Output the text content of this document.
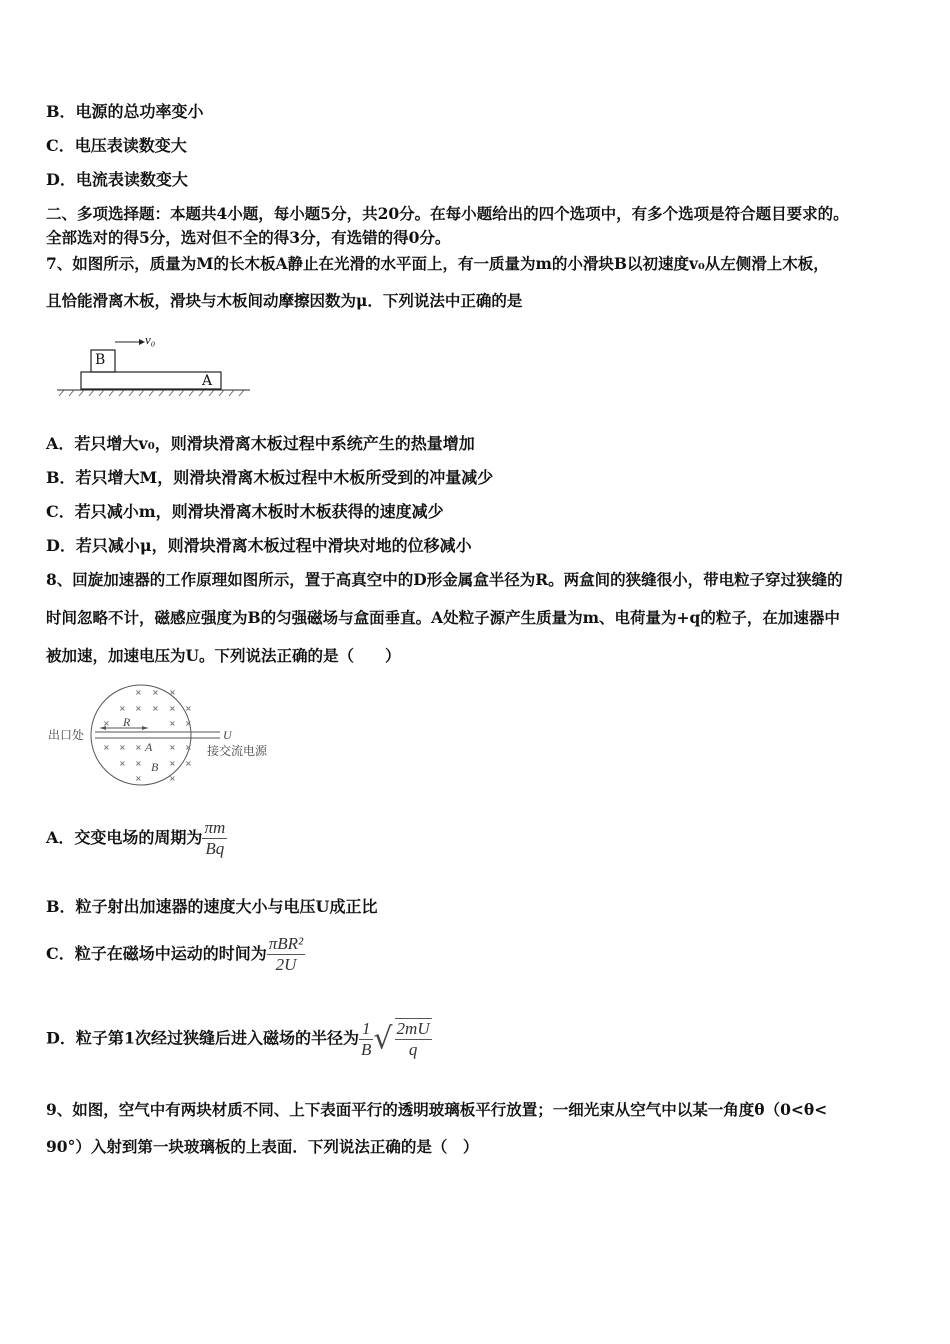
B．电源的总功率变小
C．电压表读数变大
D．电流表读数变大
二、多项选择题：本题共4小题，每小题5分，共20分。在每小题给出的四个选项中，有多个选项是符合题目要求的。
全部选对的得5分，选对但不全的得3分，有选错的得0分。
7、如图所示，质量为M的长木板A静止在光滑的水平面上，有一质量为m的小滑块B以初速度v₀从左侧滑上木板，
且恰能滑离木板，滑块与木板间动摩擦因数为μ．下列说法中正确的是
B
A
v₀
A．若只增大v₀，则滑块滑离木板过程中系统产生的热量增加
B．若只增大M，则滑块滑离木板过程中木板所受到的冲量减少
C．若只减小m，则滑块滑离木板时木板获得的速度减少
D．若只减小μ，则滑块滑离木板过程中滑块对地的位移减小
8、回旋加速器的工作原理如图所示，置于高真空中的D形金属盒半径为R。两盒间的狭缝很小，带电粒子穿过狭缝的
时间忽略不计，磁感应强度为B的匀强磁场与盒面垂直。A处粒子源产生质量为m、电荷量为+q的粒子，在加速器中
被加速，加速电压为U。下列说法正确的是（　　）
× × ×
× × × × ×
×	× ×
× × ×	× ×
× ×	× ×
×	×
出口处
R
U
接交流电源
A
B
A．交变电场的周期为 $\frac{\pi m}{Bq}$
B．粒子射出加速器的速度大小与电压U成正比
C．粒子在磁场中运动的时间为 $\frac{\text{πBR²}}{2U}$
D．粒子第1次经过狭缝后进入磁场的半径为 $\frac{1}{B}$ √ $\frac{2mU}{q}$
9、如图，空气中有两块材质不同、上下表面平行的透明玻璃板平行放置；一细光束从空气中以某一角度θ（0<θ<
90°）入射到第一块玻璃板的上表面．下列说法正确的是（　）
